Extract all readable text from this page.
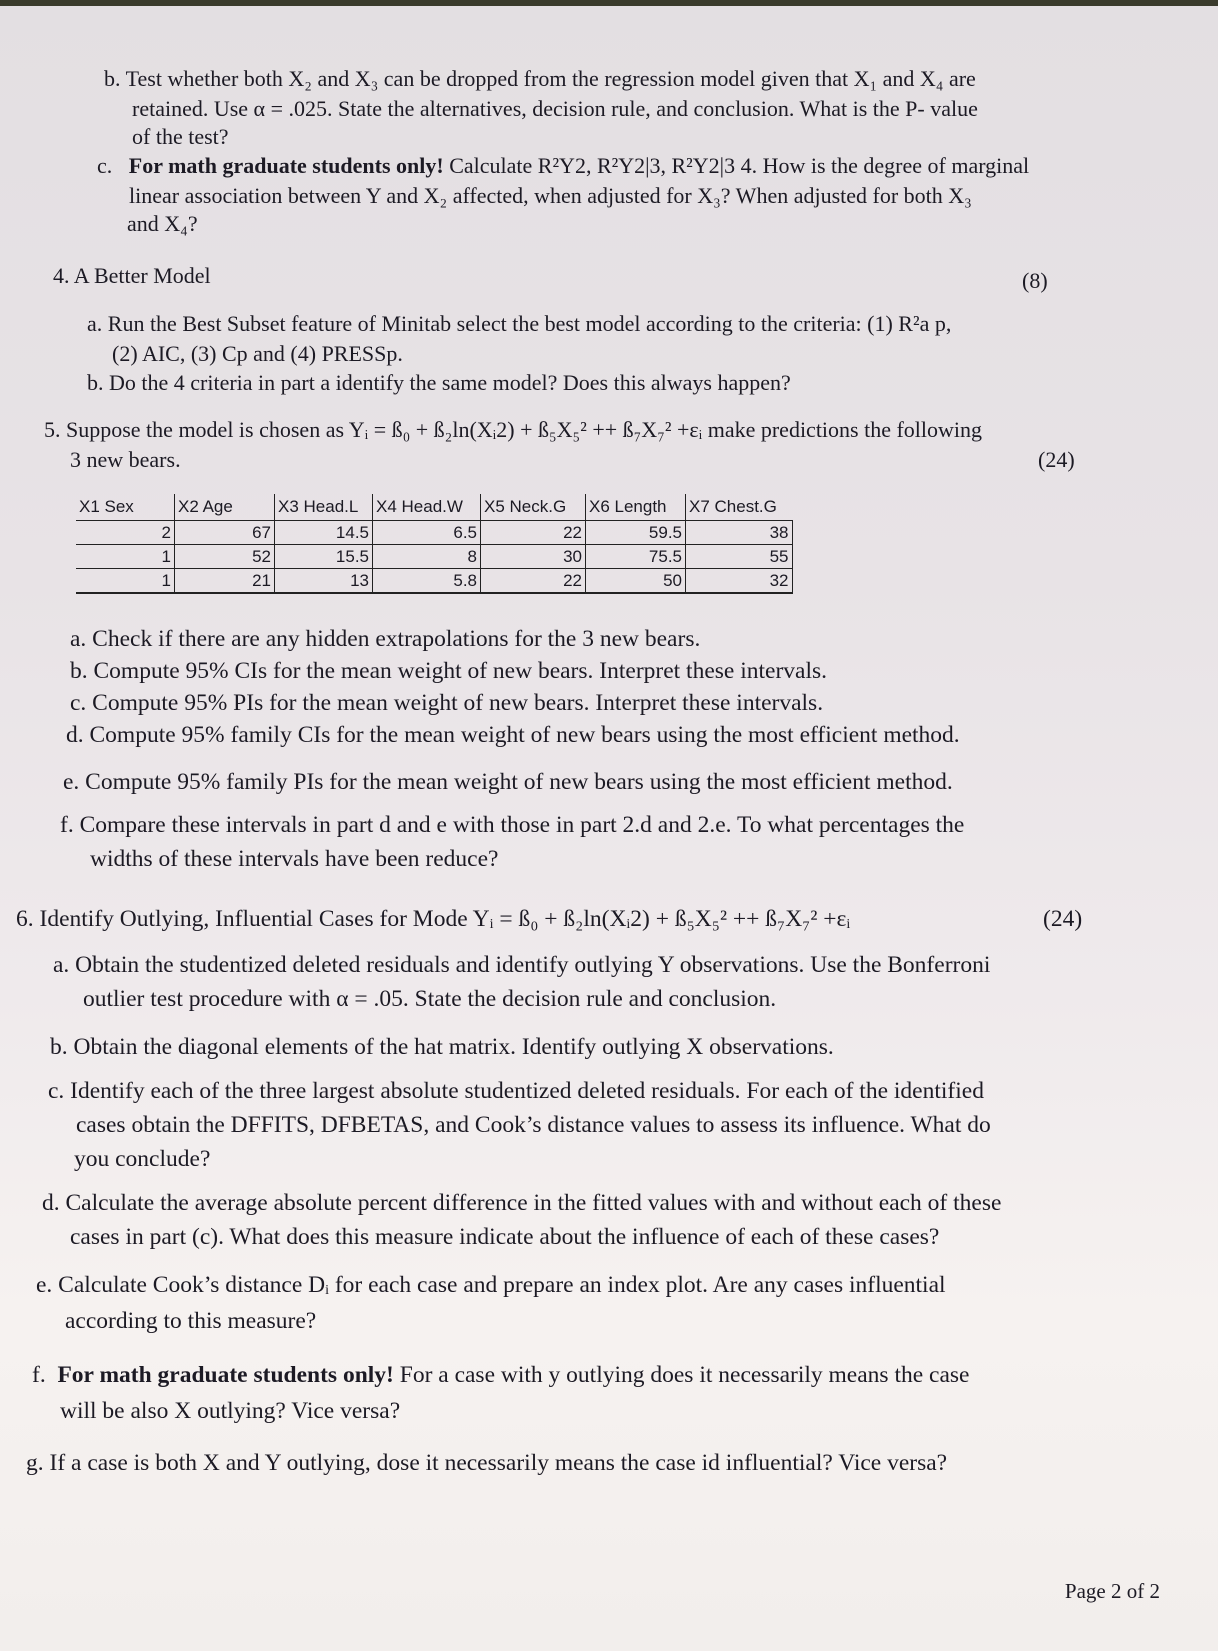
b. Test whether both X₂ and X₃ can be dropped from the regression model given that X₁ and X₄ are
retained. Use α = .025. State the alternatives, decision rule, and conclusion. What is the P- value
of the test?
c. For math graduate students only! Calculate R²Y2, R²Y2|3, R²Y2|3 4. How is the degree of marginal
linear association between Y and X₂ affected, when adjusted for X₃? When adjusted for both X₃
and X₄?
4. A Better Model	(8)
a. Run the Best Subset feature of Minitab select the best model according to the criteria: (1) R²a p,
(2) AIC, (3) Cp and (4) PRESSp.
b. Do the 4 criteria in part a identify the same model? Does this always happen?
5. Suppose the model is chosen as Yᵢ = ß₀ + ß₂ln(Xᵢ2) + ß₅X₅² ++ ß₇X₇² +εᵢ make predictions the following
3 new bears.	(24)
X1 Sex	X2 Age	X3 Head.L	X4 Head.W	X5 Neck.G	X6 Length	X7 Chest.G
2	67	14.5	6.5	22	59.5	38
1	52	15.5	8	30	75.5	55
1	21	13	5.8	22	50	32
a. Check if there are any hidden extrapolations for the 3 new bears.
b. Compute 95% CIs for the mean weight of new bears. Interpret these intervals.
c. Compute 95% PIs for the mean weight of new bears. Interpret these intervals.
d. Compute 95% family CIs for the mean weight of new bears using the most efficient method.
e. Compute 95% family PIs for the mean weight of new bears using the most efficient method.
f. Compare these intervals in part d and e with those in part 2.d and 2.e. To what percentages the
widths of these intervals have been reduce?
6. Identify Outlying, Influential Cases for Mode Yᵢ = ß₀ + ß₂ln(Xᵢ2) + ß₅X₅² ++ ß₇X₇² +εᵢ	(24)
a. Obtain the studentized deleted residuals and identify outlying Y observations. Use the Bonferroni
outlier test procedure with α = .05. State the decision rule and conclusion.
b. Obtain the diagonal elements of the hat matrix. Identify outlying X observations.
c. Identify each of the three largest absolute studentized deleted residuals. For each of the identified
cases obtain the DFFITS, DFBETAS, and Cook’s distance values to assess its influence. What do
you conclude?
d. Calculate the average absolute percent difference in the fitted values with and without each of these
cases in part (c). What does this measure indicate about the influence of each of these cases?
e. Calculate Cook’s distance Dᵢ for each case and prepare an index plot. Are any cases influential
according to this measure?
f. For math graduate students only! For a case with y outlying does it necessarily means the case
will be also X outlying? Vice versa?
g. If a case is both X and Y outlying, dose it necessarily means the case id influential? Vice versa?
Page 2 of 2
